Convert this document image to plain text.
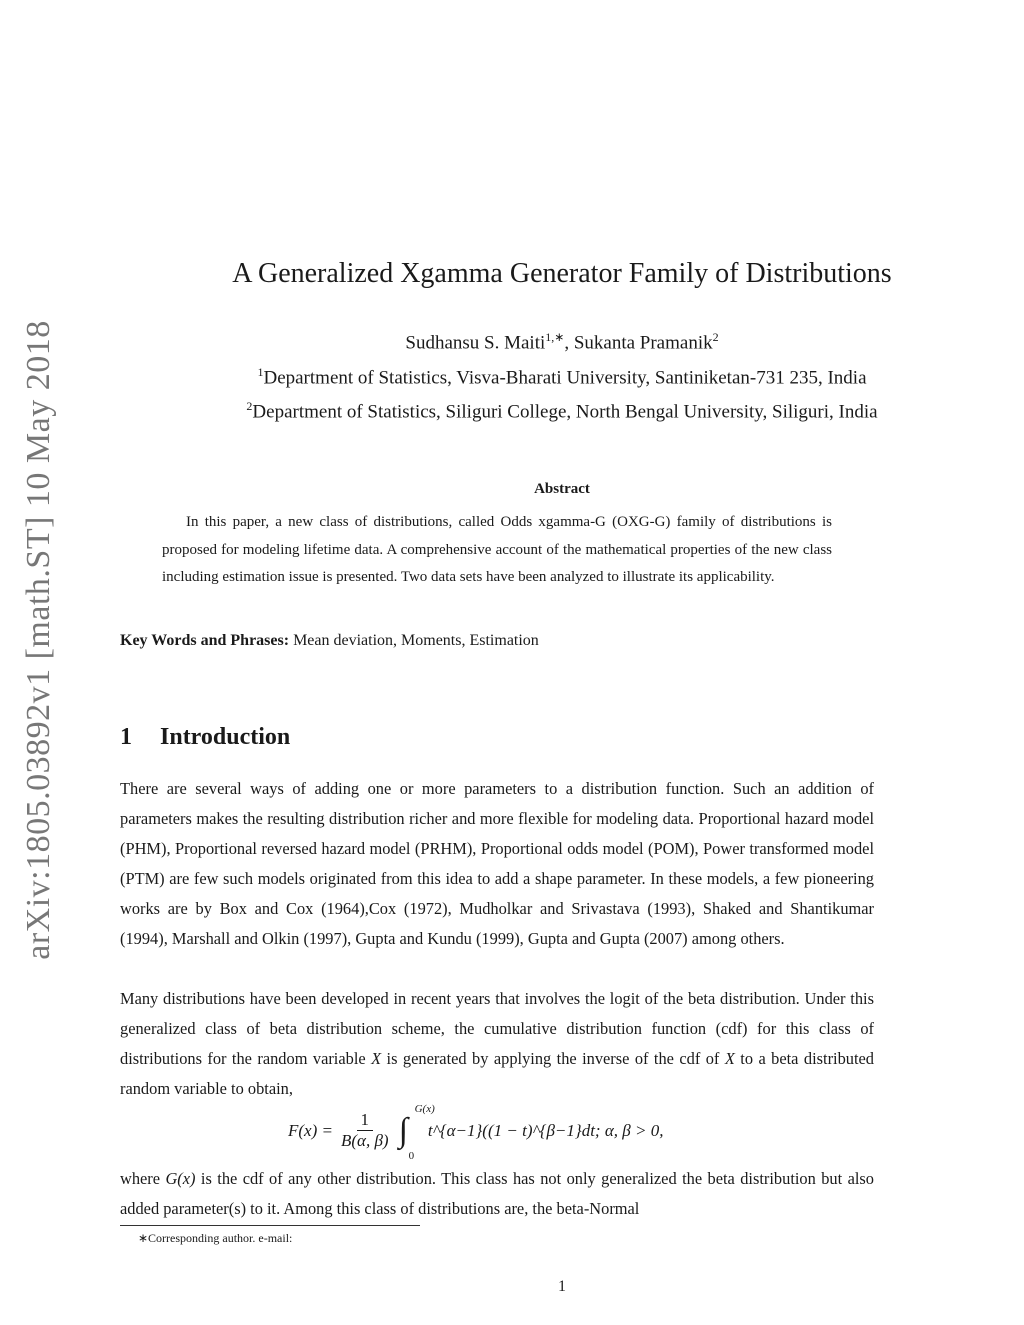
arXiv:1805.03892v1 [math.ST] 10 May 2018
A Generalized Xgamma Generator Family of Distributions
Sudhansu S. Maiti$^{1,∗}$, Sukanta Pramanik$^2$
$^1$Department of Statistics, Visva-Bharati University, Santiniketan-731 235, India
$^2$Department of Statistics, Siliguri College, North Bengal University, Siliguri, India
Abstract
In this paper, a new class of distributions, called Odds xgamma-G (OXG-G) family of distributions is proposed for modeling lifetime data. A comprehensive account of the mathematical properties of the new class including estimation issue is presented. Two data sets have been analyzed to illustrate its applicability.
Key Words and Phrases: Mean deviation, Moments, Estimation
1 Introduction
There are several ways of adding one or more parameters to a distribution function. Such an addition of parameters makes the resulting distribution richer and more flexible for modeling data. Proportional hazard model (PHM), Proportional reversed hazard model (PRHM), Proportional odds model (POM), Power transformed model (PTM) are few such models originated from this idea to add a shape parameter. In these models, a few pioneering works are by Box and Cox (1964),Cox (1972), Mudholkar and Srivastava (1993), Shaked and Shantikumar (1994), Marshall and Olkin (1997), Gupta and Kundu (1999), Gupta and Gupta (2007) among others.
Many distributions have been developed in recent years that involves the logit of the beta distribution. Under this generalized class of beta distribution scheme, the cumulative distribution function (cdf) for this class of distributions for the random variable X is generated by applying the inverse of the cdf of X to a beta distributed random variable to obtain,
$F(x) = \frac{1}{B(\alpha, \beta)}$ ∫
G(x)
0
t^{α−1}((1 − t)^{β−1}dt; α, β > 0,
where G(x) is the cdf of any other distribution. This class has not only generalized the beta distribution but also added parameter(s) to it. Among this class of distributions are, the beta-Normal
∗Corresponding author. e-mail:
1
